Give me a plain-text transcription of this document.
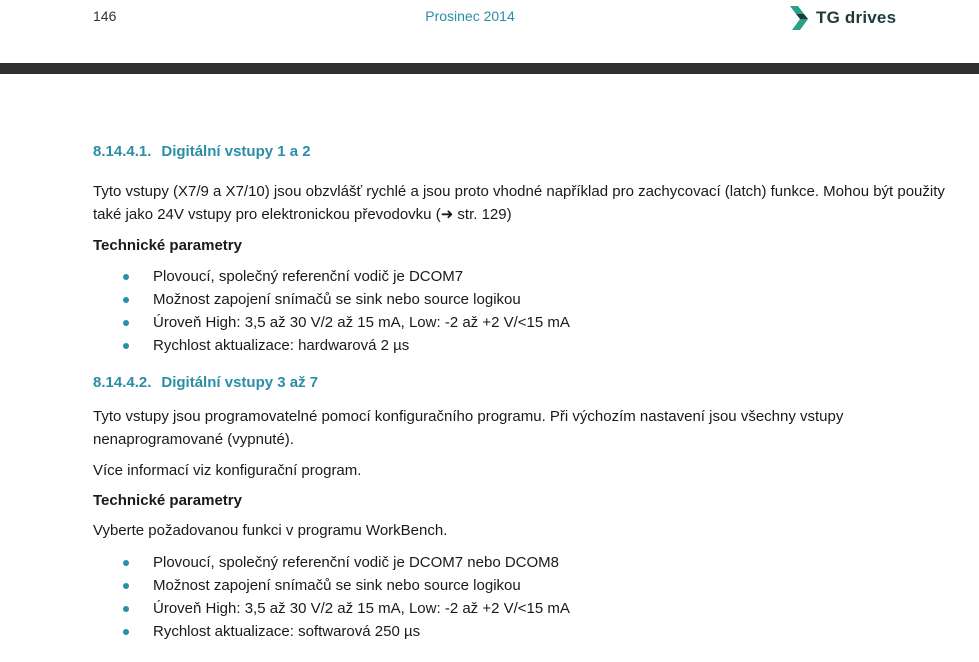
146	Prosinec 2014	TG drives
8.14.4.1. Digitální vstupy 1 a 2

Tyto vstupy (X7/9 a X7/10) jsou obzvlášť rychlé a jsou proto vhodné například pro zachycovací (latch) funkce. Mohou být použity také jako 24V vstupy pro elektronickou převodovku (➜ str. 129)

Technické parametry
Plovoucí, společný referenční vodič je DCOM7
Možnost zapojení snímačů se sink nebo source logikou
Úroveň High: 3,5 až 30 V/2 až 15 mA, Low: -2 až +2 V/<15 mA
Rychlost aktualizace: hardwarová 2 µs
8.14.4.2. Digitální vstupy 3 až 7

Tyto vstupy jsou programovatelné pomocí konfiguračního programu. Při výchozím nastavení jsou všechny vstupy nenaprogramované (vypnuté).

Více informací viz konfigurační program.

Technické parametry

Vyberte požadovanou funkci v programu WorkBench.

Plovoucí, společný referenční vodič je DCOM7 nebo DCOM8
Možnost zapojení snímačů se sink nebo source logikou
Úroveň High: 3,5 až 30 V/2 až 15 mA, Low: -2 až +2 V/<15 mA
Rychlost aktualizace: softwarová 250 µs
